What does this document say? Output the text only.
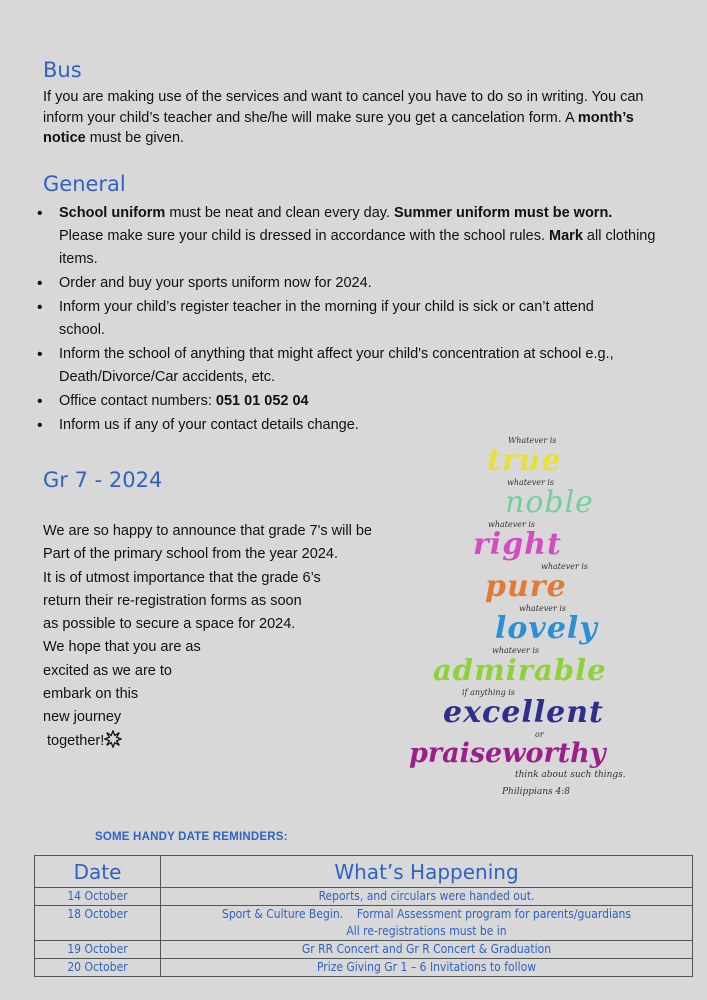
Bus

If you are making use of the services and want to cancel you have to do so in writing. You can inform your child’s teacher and she/he will make sure you get a cancelation form. A month’s notice must be given.

General
• School uniform must be neat and clean every day. Summer uniform must be worn. Please make sure your child is dressed in accordance with the school rules. Mark all clothing items.
• Order and buy your sports uniform now for 2024.
• Inform your child’s register teacher in the morning if your child is sick or can’t attend school.
• Inform the school of anything that might affect your child's concentration at school e.g., Death/Divorce/Car accidents, etc.
• Office contact numbers: 051 01 052 04
• Inform us if any of your contact details change.
Gr 7 - 2024
We are so happy to announce that grade 7's will be
Part of the primary school from the year 2024.
It is of utmost importance that the grade 6’s
return their re-registration forms as soon
as possible to secure a space for 2024.
We hope that you are as
excited as we are to
embark on this
new journey
together!
Whatever is
true
whatever is
noble
whatever is
right
whatever is
pure
whatever is
lovely
whatever is
admirable
if anything is
excellent
or
praiseworthy
think about such things.
Philippians 4:8
SOME HANDY DATE REMINDERS:
Date	What’s Happening
14 October	Reports, and circulars were handed out.

18 October	Sport & Culture Begin.    Formal Assessment program for parents/guardians
All re-registrations must be in

19 October	Gr RR Concert and Gr R Concert & Graduation

20 October	Prize Giving Gr 1 – 6 Invitations to follow
